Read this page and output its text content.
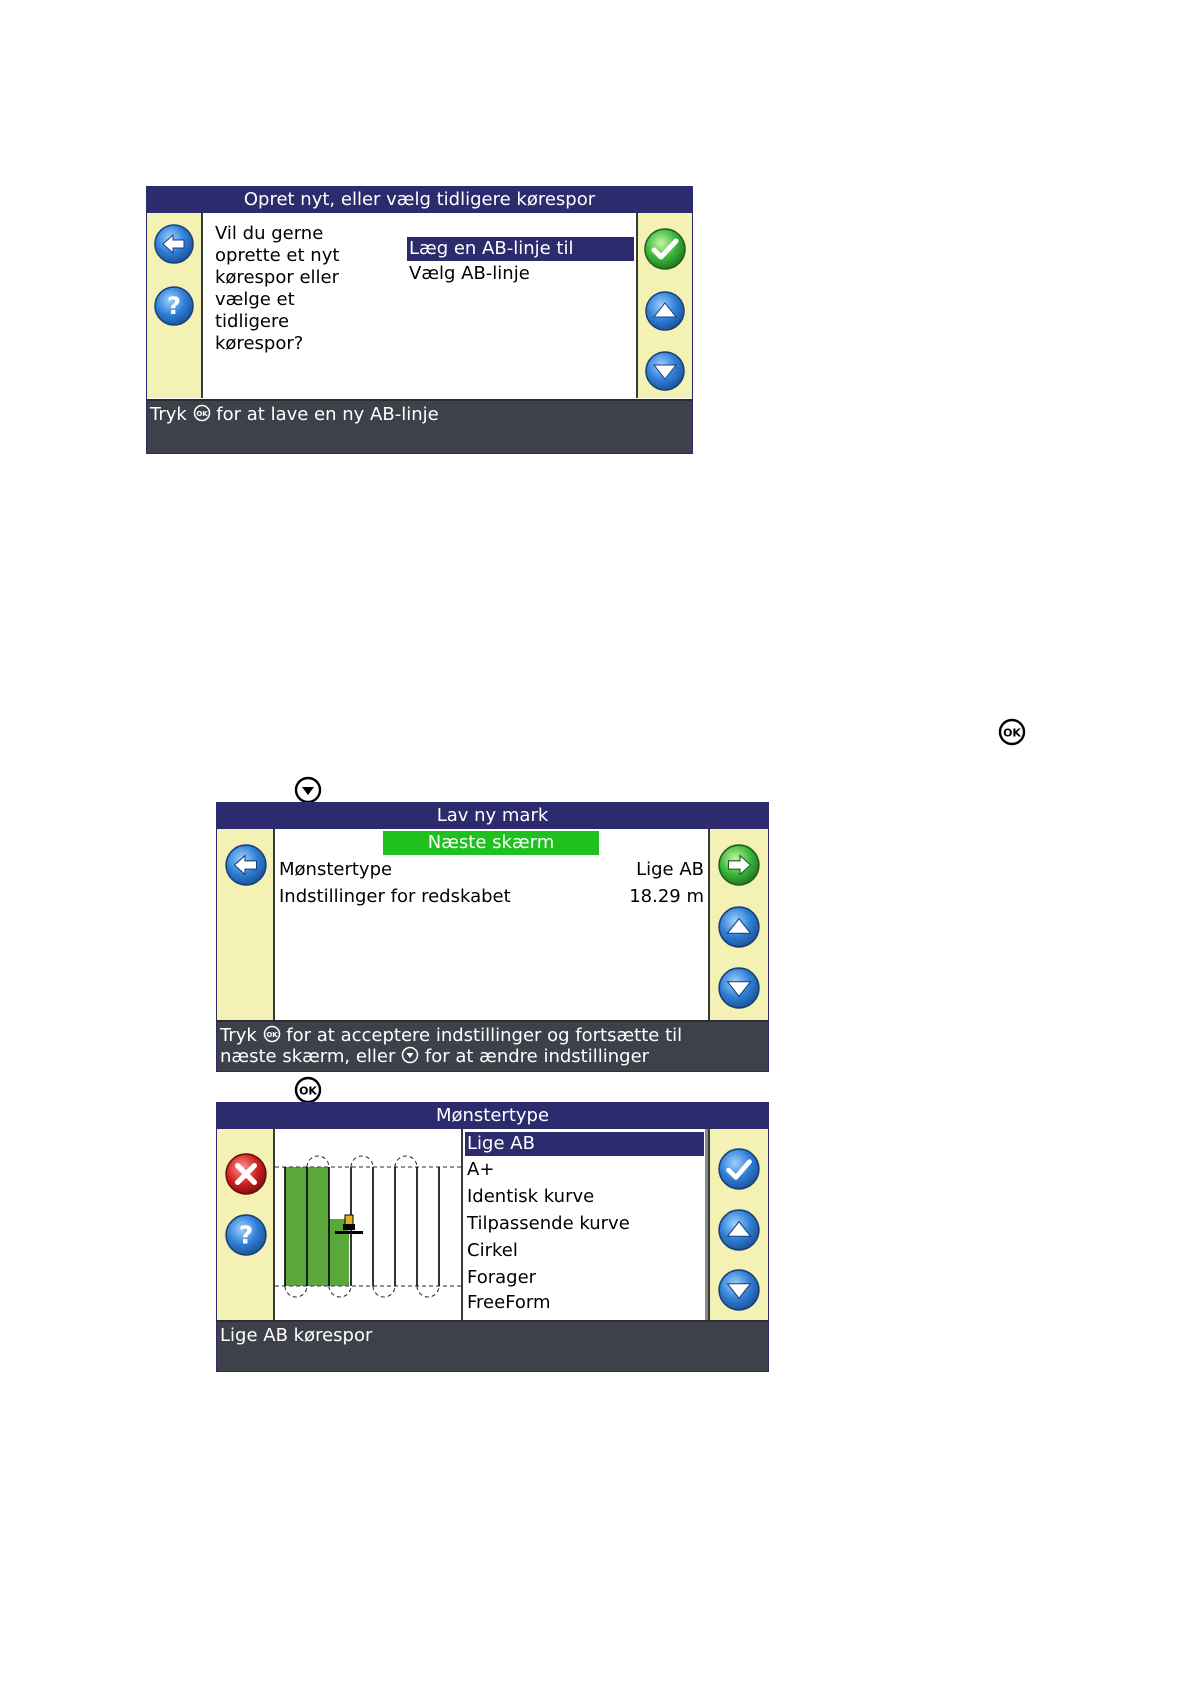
Opret nyt, eller vælg tidligere kørespor
?
Vil du gerne
oprette et nyt
kørespor eller
vælge et
tidligere
kørespor?
Læg en AB-linje til
Vælg AB-linje
Tryk OK for at lave en ny AB-linje
OK
Lav ny mark
Næste skærm
Mønstertype	Lige AB
Indstillinger for redskabet	18.29 m
Tryk OK for at acceptere indstillinger og fortsætte til
næste skærm, eller for at ændre indstillinger
OK
Mønstertype
?
Lige AB
A+
Identisk kurve
Tilpassende kurve
Cirkel
Forager
FreeForm
Lige AB kørespor
